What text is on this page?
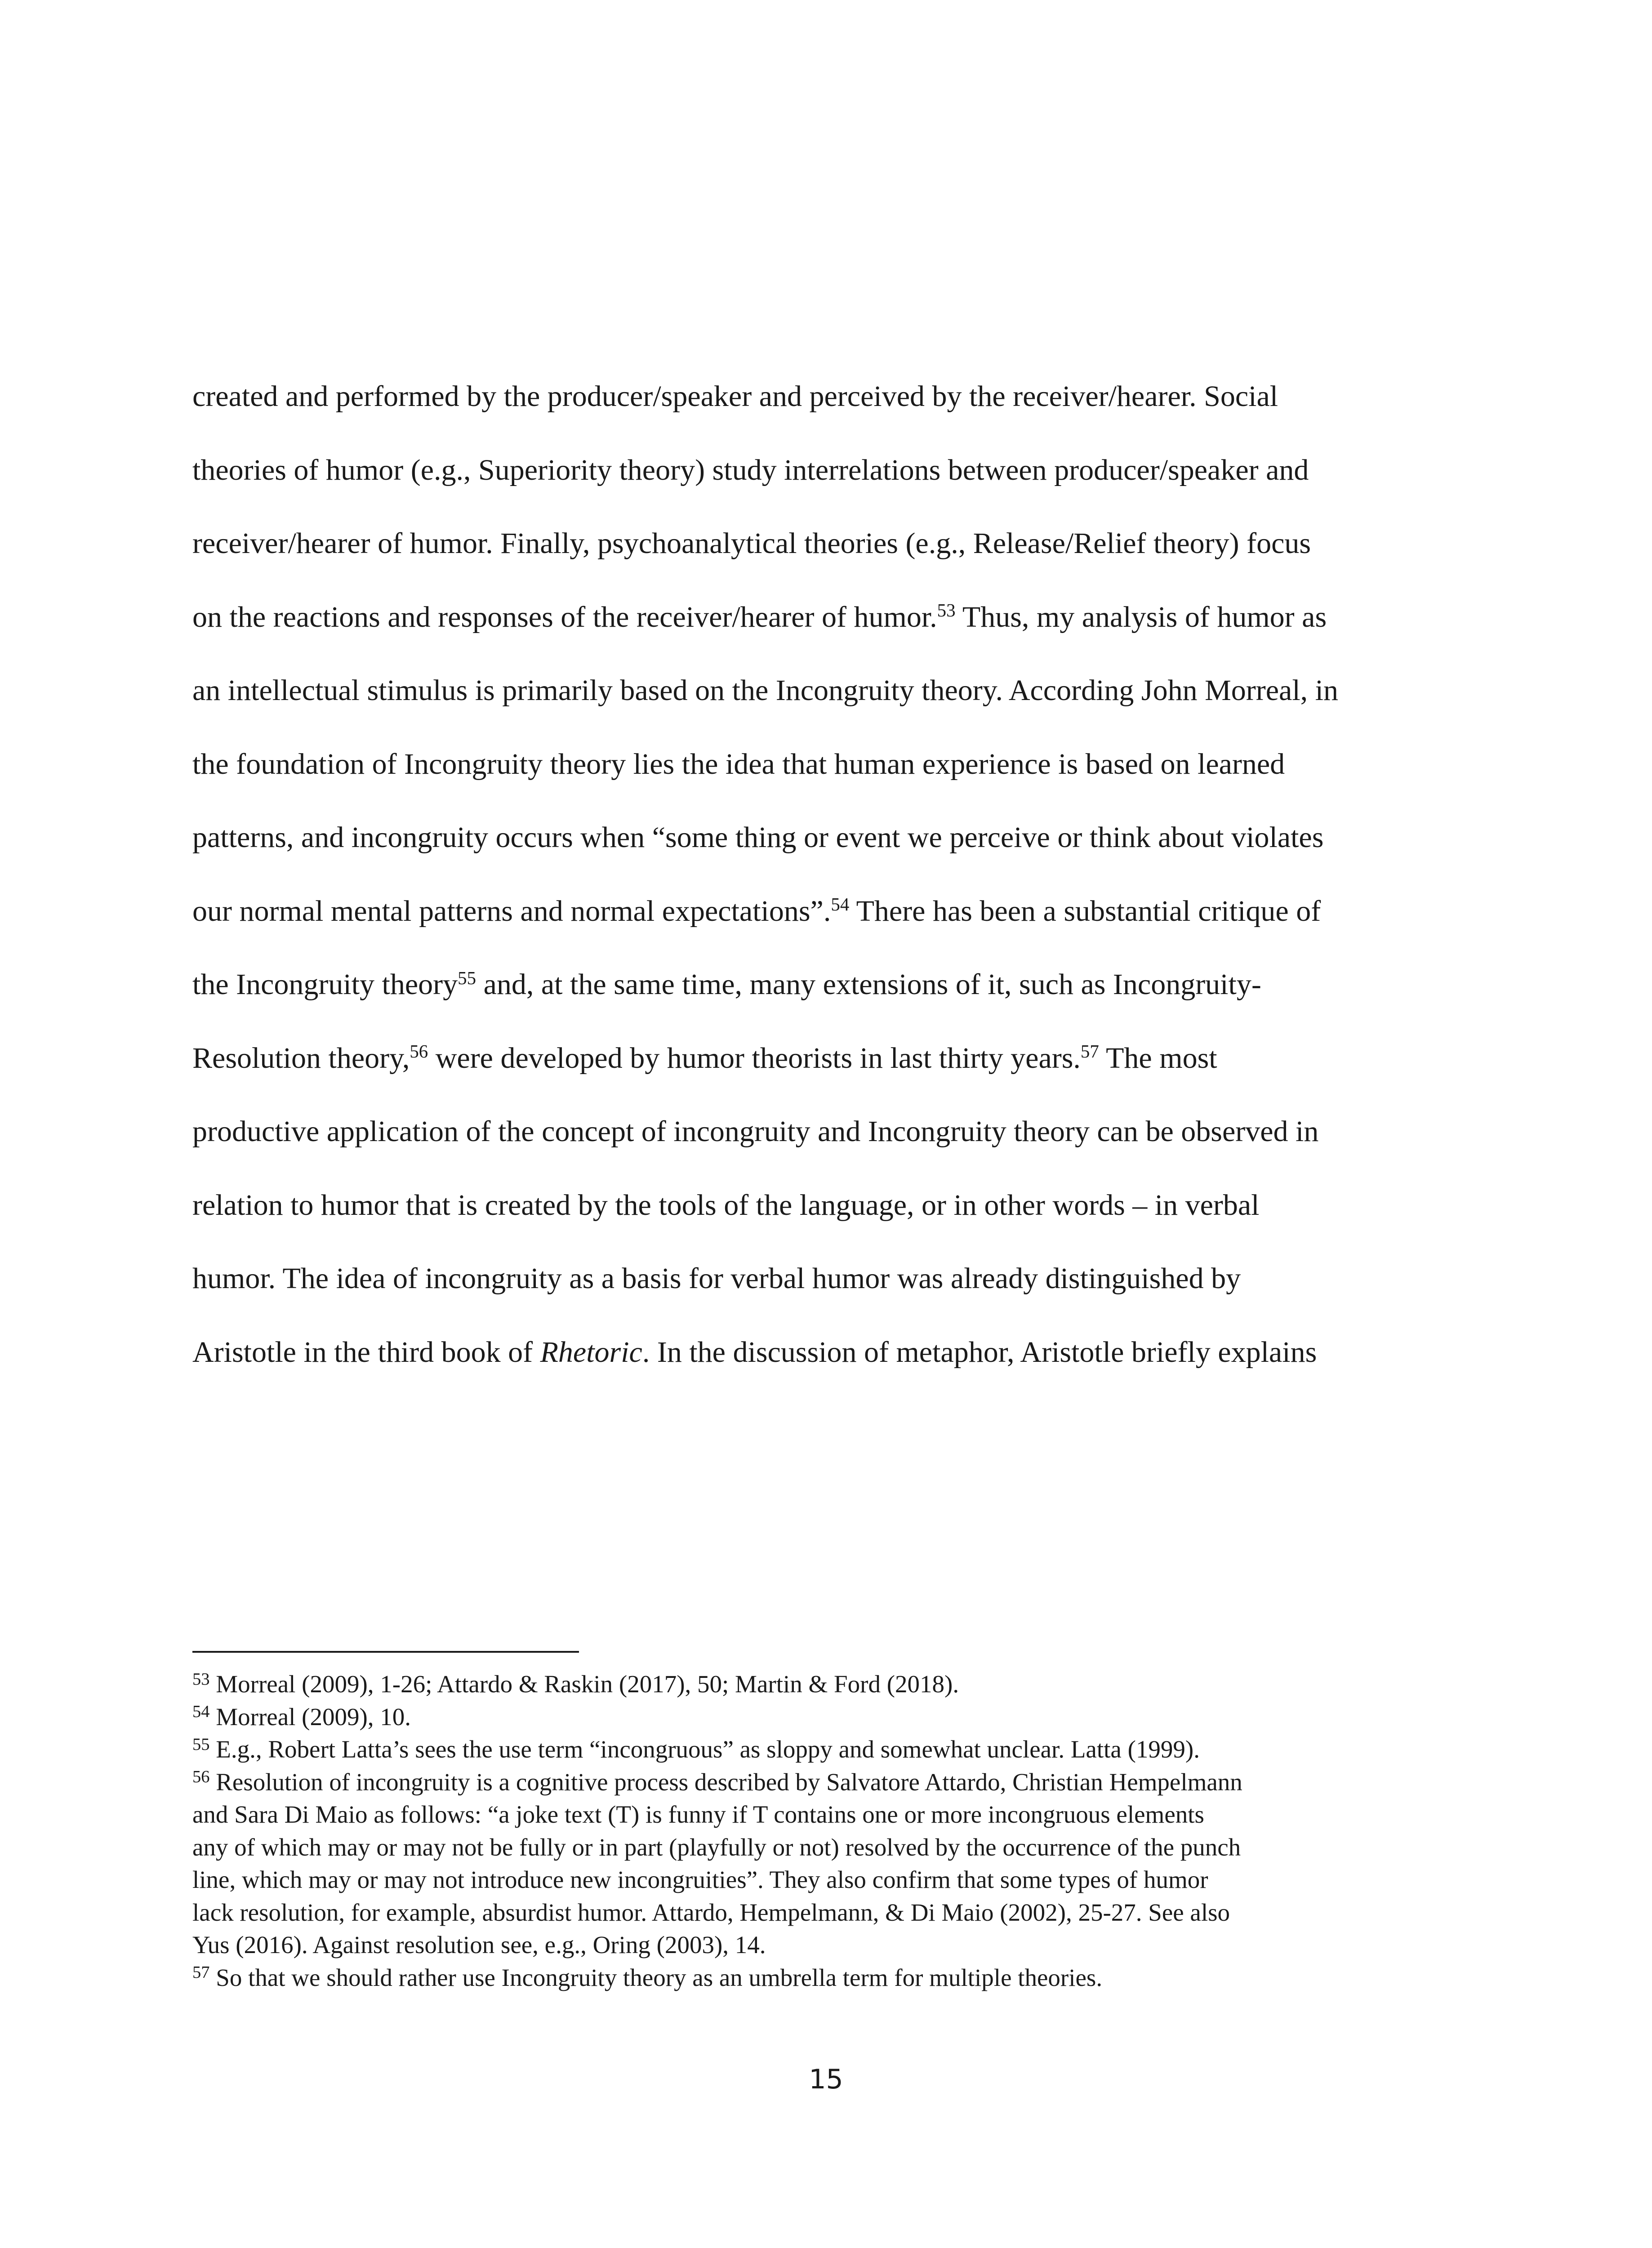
created and performed by the producer/speaker and perceived by the receiver/hearer. Social
theories of humor (e.g., Superiority theory) study interrelations between producer/speaker and
receiver/hearer of humor. Finally, psychoanalytical theories (e.g., Release/Relief theory) focus
on the reactions and responses of the receiver/hearer of humor.$^{53}$ Thus, my analysis of humor as
an intellectual stimulus is primarily based on the Incongruity theory. According John Morreal, in
the foundation of Incongruity theory lies the idea that human experience is based on learned
patterns, and incongruity occurs when “some thing or event we perceive or think about violates
our normal mental patterns and normal expectations”.$^{54}$ There has been a substantial critique of
the Incongruity theory$^{55}$ and, at the same time, many extensions of it, such as Incongruity-
Resolution theory,$^{56}$ were developed by humor theorists in last thirty years.$^{57}$ The most
productive application of the concept of incongruity and Incongruity theory can be observed in
relation to humor that is created by the tools of the language, or in other words – in verbal
humor. The idea of incongruity as a basis for verbal humor was already distinguished by
Aristotle in the third book of Rhetoric. In the discussion of metaphor, Aristotle briefly explains
$^{53}$ Morreal (2009), 1-26; Attardo & Raskin (2017), 50; Martin & Ford (2018).
$^{54}$ Morreal (2009), 10.
$^{55}$ E.g., Robert Latta’s sees the use term “incongruous” as sloppy and somewhat unclear. Latta (1999).
$^{56}$ Resolution of incongruity is a cognitive process described by Salvatore Attardo, Christian Hempelmann
and Sara Di Maio as follows: “a joke text (T) is funny if T contains one or more incongruous elements
any of which may or may not be fully or in part (playfully or not) resolved by the occurrence of the punch
line, which may or may not introduce new incongruities”. They also confirm that some types of humor
lack resolution, for example, absurdist humor. Attardo, Hempelmann, & Di Maio (2002), 25-27. See also
Yus (2016). Against resolution see, e.g., Oring (2003), 14.
$^{57}$ So that we should rather use Incongruity theory as an umbrella term for multiple theories.
15
